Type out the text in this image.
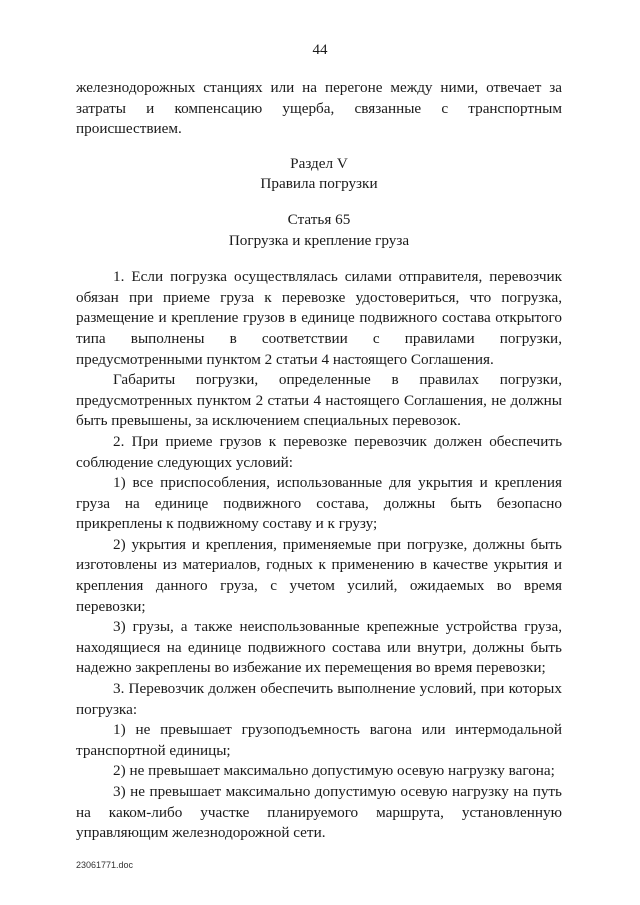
44

железнодорожных станциях или на перегоне между ними, отвечает за затраты и компенсацию ущерба, связанные с транспортным происшествием.

Раздел V

Правила погрузки

Статья 65

Погрузка и крепление груза

1. Если погрузка осуществлялась силами отправителя, перевозчик обязан при приеме груза к перевозке удостовериться, что погрузка, размещение и крепление грузов в единице подвижного состава открытого типа выполнены в соответствии с правилами погрузки, предусмотренными пунктом 2 статьи 4 настоящего Соглашения.

Габариты погрузки, определенные в правилах погрузки, предусмотренных пунктом 2 статьи 4 настоящего Соглашения, не должны быть превышены, за исключением специальных перевозок.

2. При приеме грузов к перевозке перевозчик должен обеспечить соблюдение следующих условий:

1) все приспособления, использованные для укрытия и крепления груза на единице подвижного состава, должны быть безопасно прикреплены к подвижному составу и к грузу;

2) укрытия и крепления, применяемые при погрузке, должны быть изготовлены из материалов, годных к применению в качестве укрытия и крепления данного груза, с учетом усилий, ожидаемых во время перевозки;

3) грузы, а также неиспользованные крепежные устройства груза, находящиеся на единице подвижного состава или внутри, должны быть надежно закреплены во избежание их перемещения во время перевозки;

3. Перевозчик должен обеспечить выполнение условий, при которых погрузка:

1) не превышает грузоподъемность вагона или интермодальной транспортной единицы;

2) не превышает максимально допустимую осевую нагрузку вагона;

3) не превышает максимально допустимую осевую нагрузку на путь на каком-либо участке планируемого маршрута, установленную управляющим железнодорожной сети.

23061771.doc
